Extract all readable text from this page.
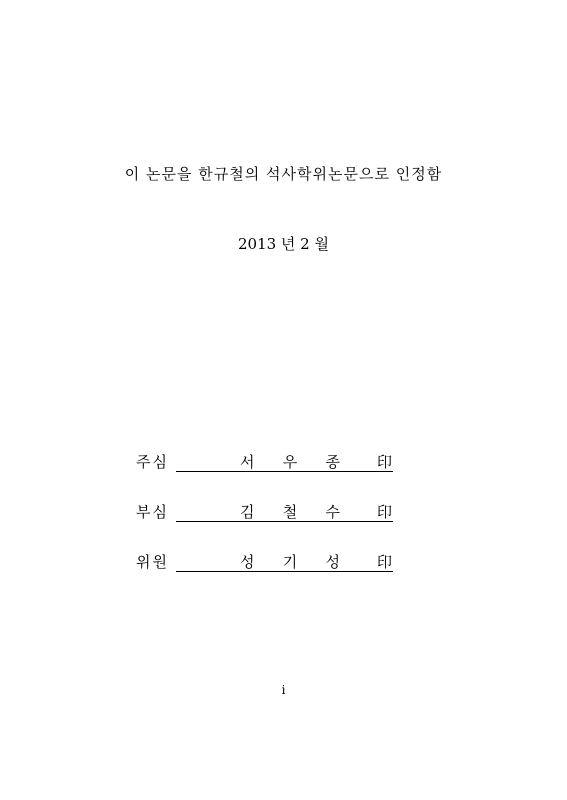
이 논문을 한규철의 석사학위논문으로 인정함
2013 년 2 월
주심	서 우 종 印
부심	김 철 수 印
위원	성 기 성 印
i
